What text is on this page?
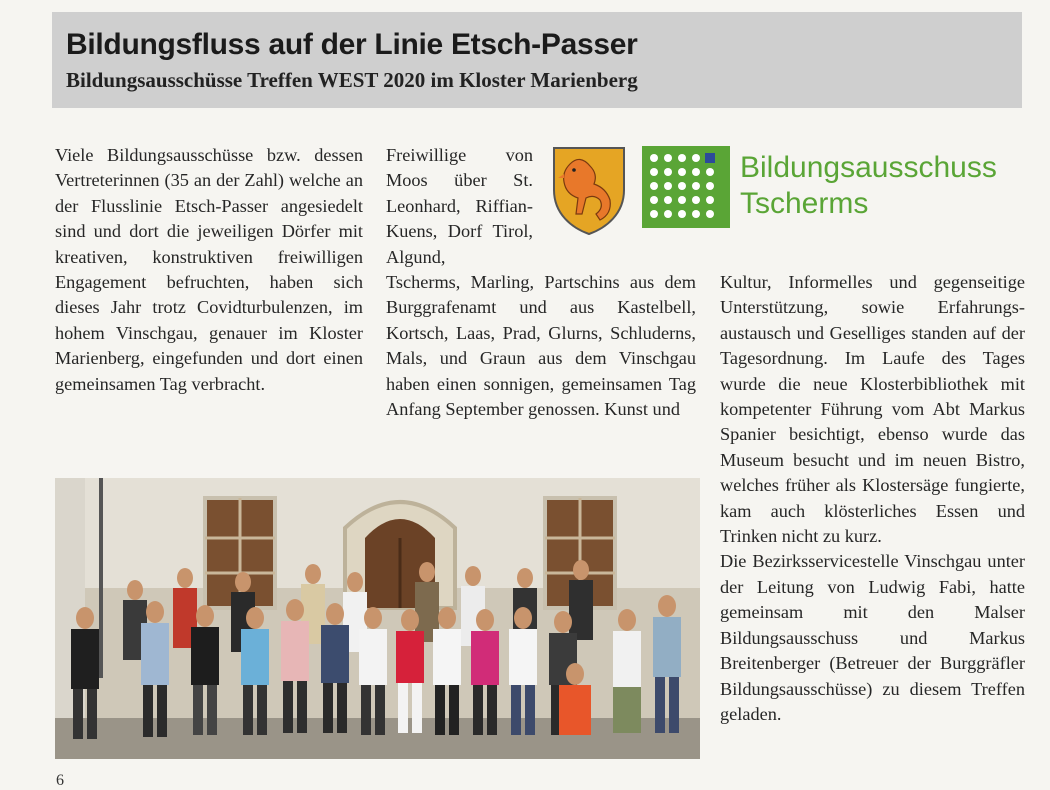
Bildungsfluss auf der Linie Etsch-Passer
Bildungsausschüsse Treffen WEST 2020 im Kloster Marienberg

Viele Bildungsausschüsse bzw. dessen Vertreterinnen (35 an der Zahl) welche an der Flusslinie Etsch-Passer angesiedelt sind und dort die jeweiligen Dörfer mit kreativen, konstruktiven freiwilligen Engagement befruchten, haben sich dieses Jahr trotz Covidturbulenzen, im hohem Vinschgau, genauer im Kloster Marienberg, eingefunden und dort einen gemeinsamen Tag verbracht.

Freiwillige von Moos über St. Leonhard, Riffian-Kuens, Dorf Tirol, Algund,

Bildungsausschuss
Tscherms

Tscherms, Marling, Partschins aus dem Burggrafenamt und aus Kastelbell, Kortsch, Laas, Prad, Glurns, Schluderns, Mals, und Graun aus dem Vinschgau haben einen sonnigen, gemeinsamen Tag Anfang September genossen. Kunst und

Kultur, Informelles und gegenseitige Unterstützung, sowie Erfahrungsaustausch und Geselliges standen auf der Tagesordnung. Im Laufe des Tages wurde die neue Klosterbibliothek mit kompetenter Führung vom Abt Markus Spanier besichtigt, ebenso wurde das Museum besucht und im neuen Bistro, welches früher als Klostersäge fungierte, kam auch klösterliches Essen und Trinken nicht zu kurz.

Die Bezirksservicestelle Vinschgau unter der Leitung von Ludwig Fabi, hatte gemeinsam mit den Malser Bildungsausschuss und Markus Breitenberger (Betreuer der Burggräfler Bildungsausschüsse) zu diesem Treffen geladen.

6
